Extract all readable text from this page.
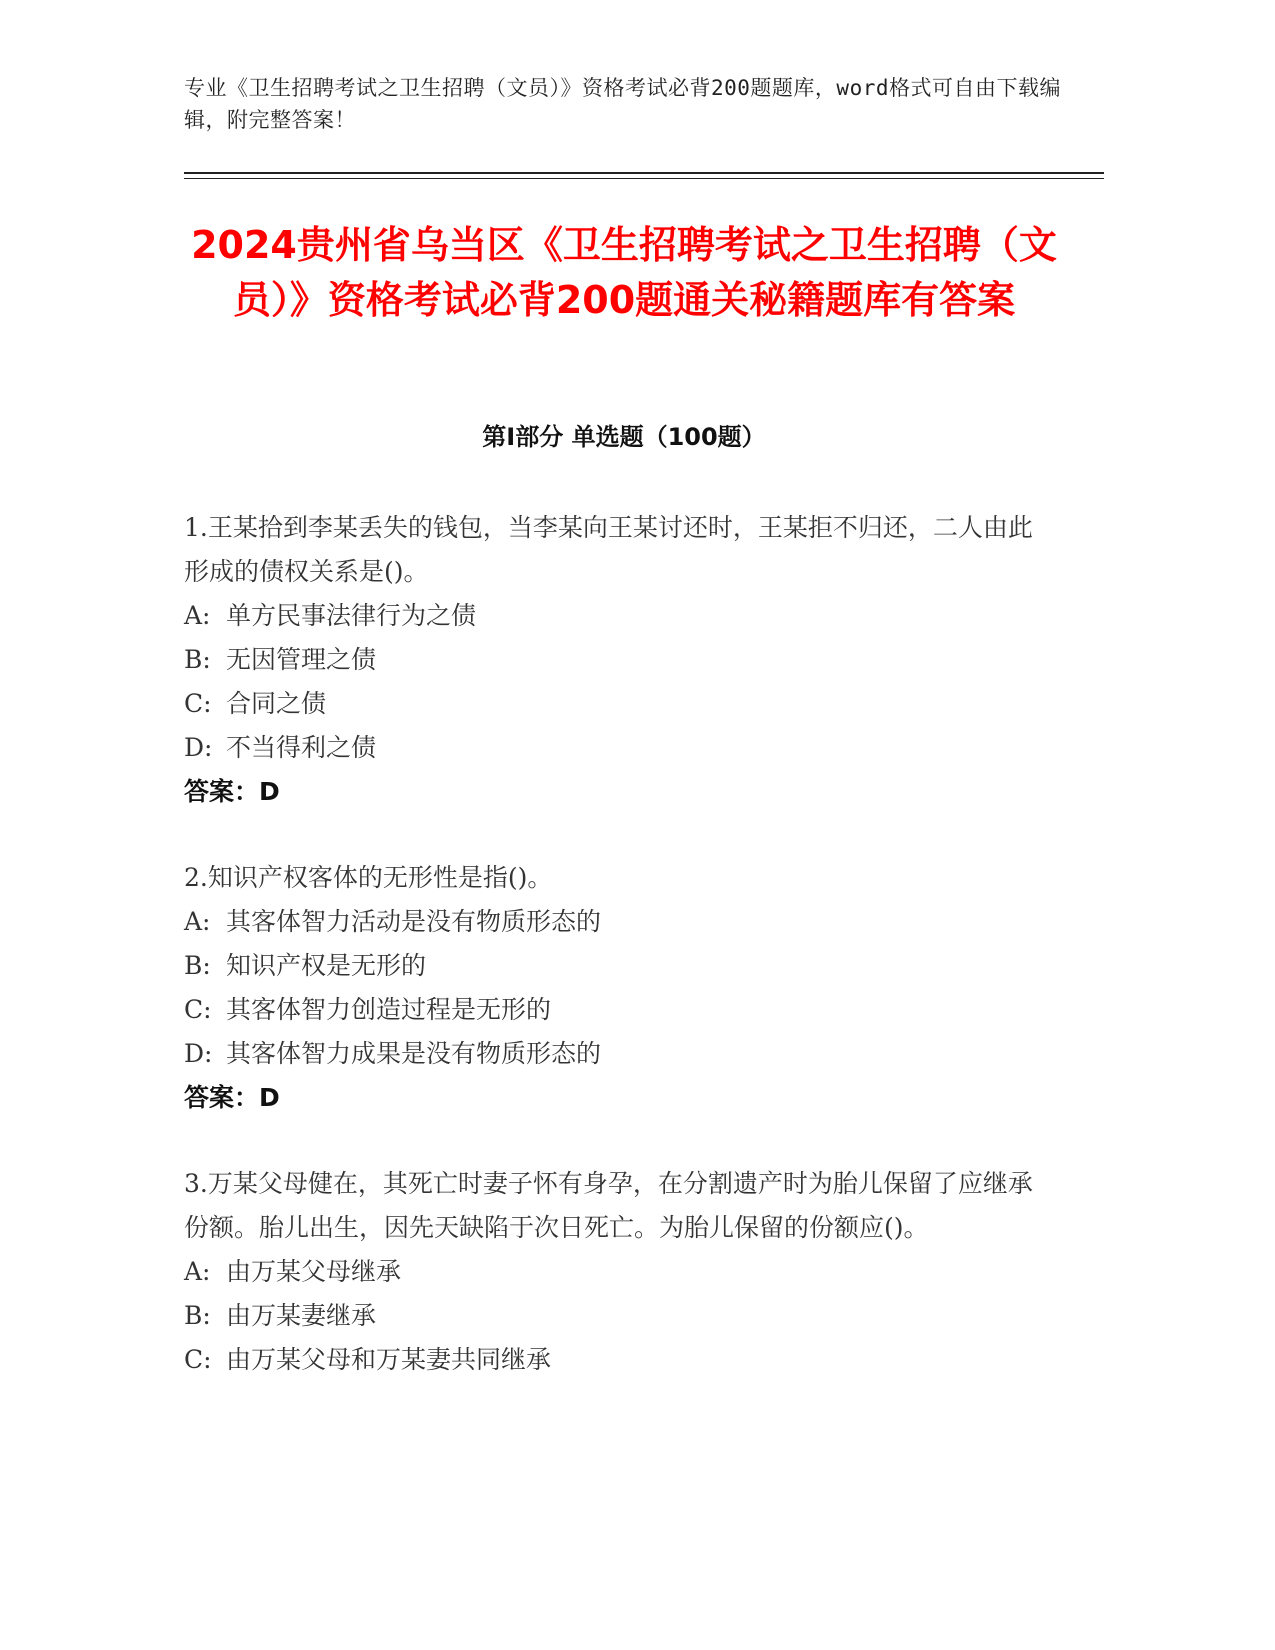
专业《卫生招聘考试之卫生招聘（文员）》资格考试必背200题题库，word格式可自由下载编辑，附完整答案！
2024贵州省乌当区《卫生招聘考试之卫生招聘（文员）》资格考试必背200题通关秘籍题库有答案
第I部分 单选题（100题）

1.王某拾到李某丢失的钱包，当李某向王某讨还时，王某拒不归还，二人由此形成的债权关系是()。

A: 单方民事法律行为之债

B: 无因管理之债

C: 合同之债

D: 不当得利之债

答案：D

2.知识产权客体的无形性是指()。

A: 其客体智力活动是没有物质形态的

B: 知识产权是无形的

C: 其客体智力创造过程是无形的

D: 其客体智力成果是没有物质形态的

答案：D

3.万某父母健在，其死亡时妻子怀有身孕，在分割遗产时为胎儿保留了应继承份额。胎儿出生，因先天缺陷于次日死亡。为胎儿保留的份额应()。

A: 由万某父母继承

B: 由万某妻继承

C: 由万某父母和万某妻共同继承
